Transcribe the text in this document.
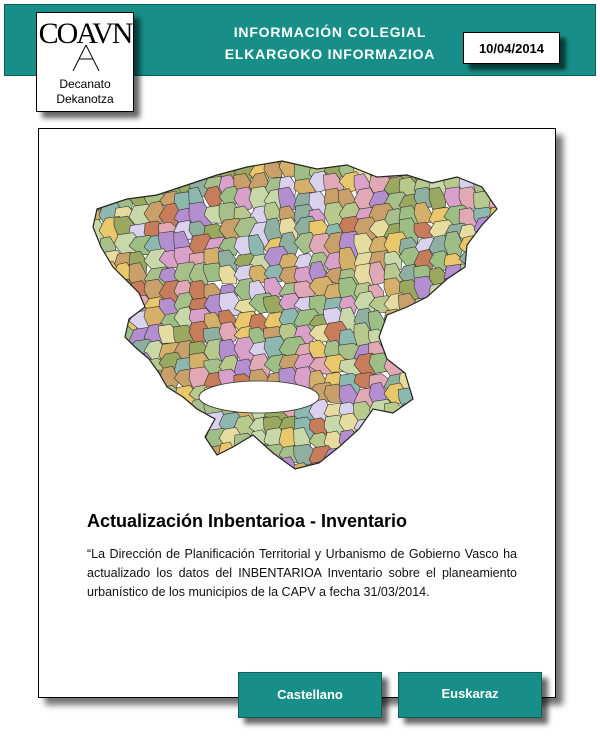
INFORMACIÓN COLEGIAL
ELKARGOKO INFORMAZIOA	10/04/2014
COAVN
Decanato
Dekanotza
Actualización Inbentarioa - Inventario
“La Dirección de Planificación Territorial y Urbanismo de Gobierno Vasco ha actualizado los datos del INBENTARIOA Inventario sobre el planeamiento urbanístico de los municipios de la CAPV a fecha 31/03/2014.
Castellano	Euskaraz
